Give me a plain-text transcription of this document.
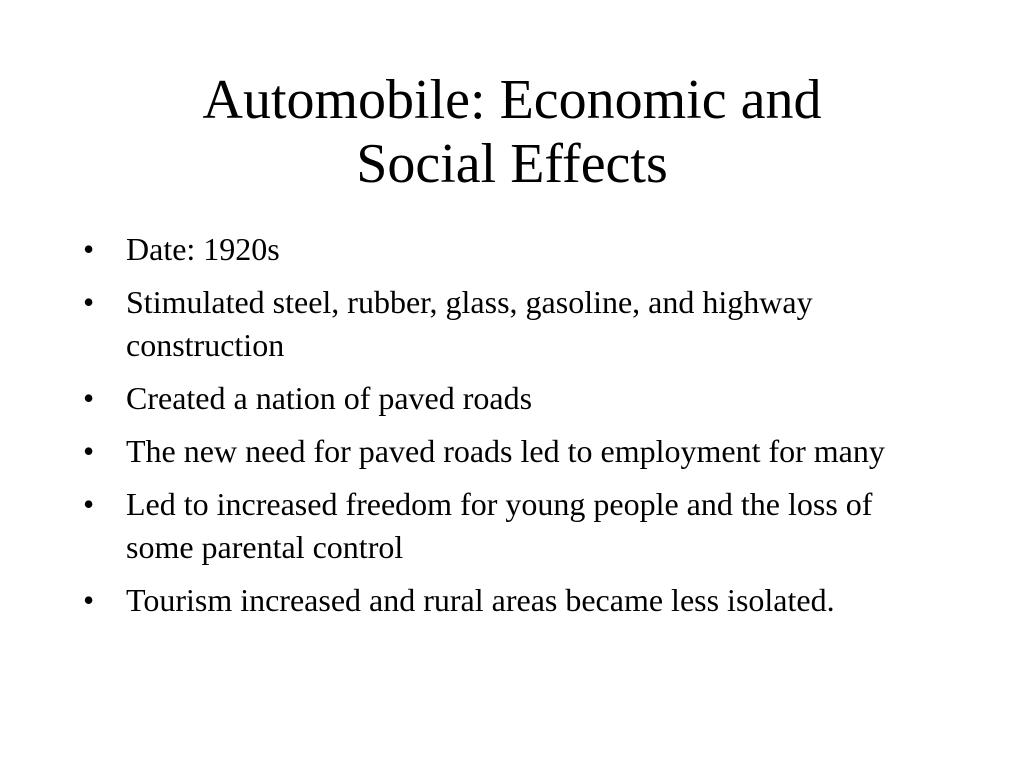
Automobile: Economic and
Social Effects
• Date: 1920s
• Stimulated steel, rubber, glass, gasoline, and highway construction
• Created a nation of paved roads
• The new need for paved roads led to employment for many
• Led to increased freedom for young people and the loss of some parental control
• Tourism increased and rural areas became less isolated.
